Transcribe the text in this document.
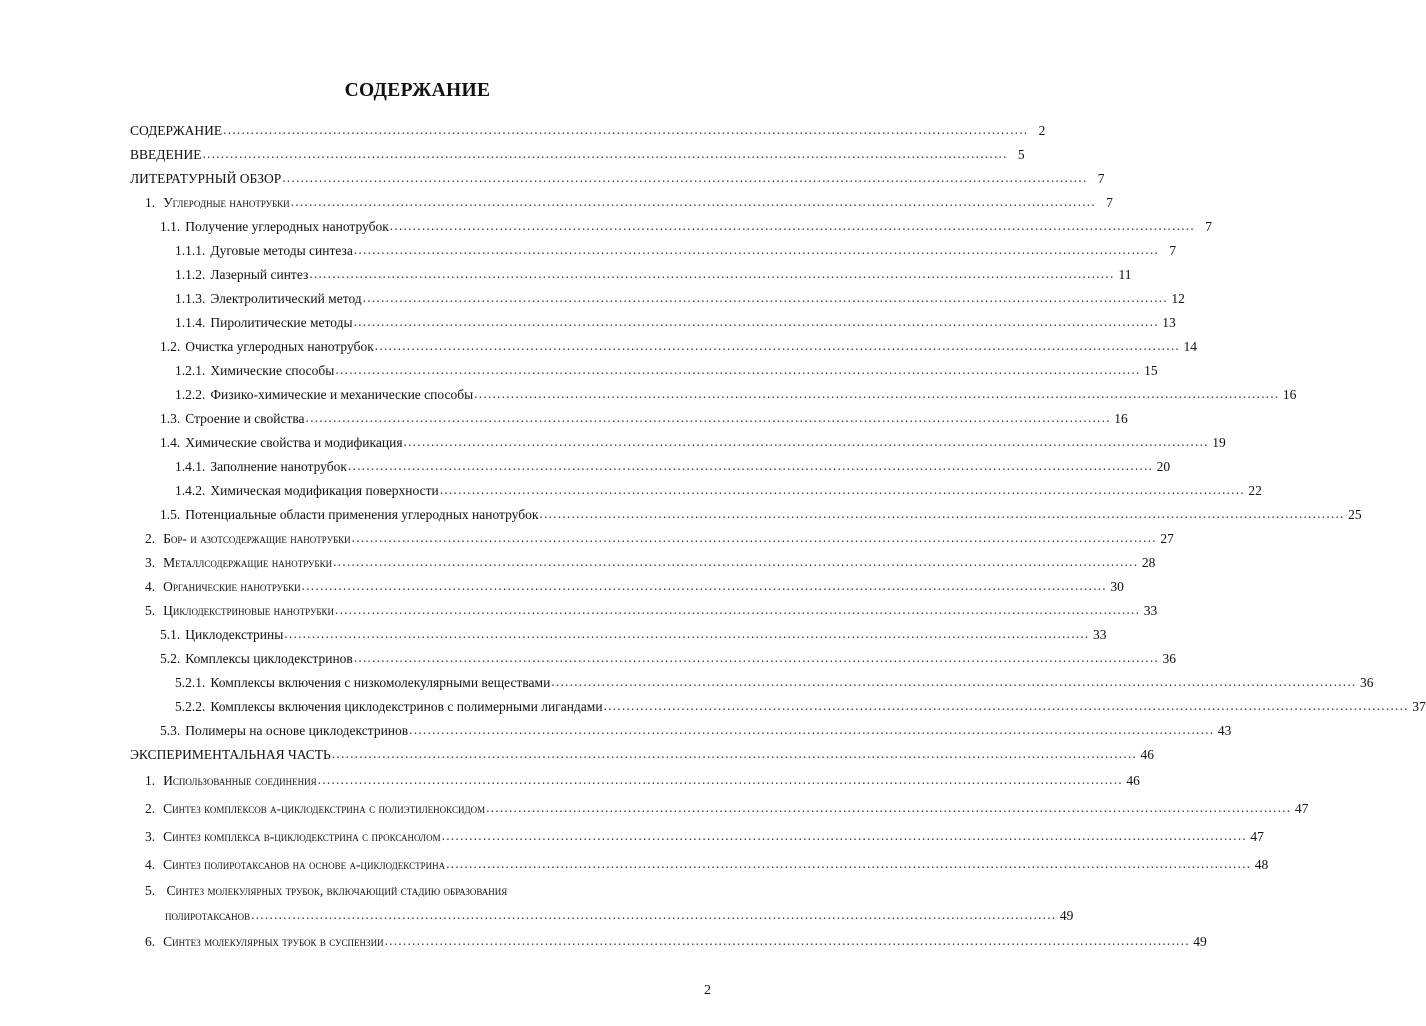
СОДЕРЖАНИЕ
СОДЕРЖАНИЕ ................................................................................................................................................................................ 2
ВВЕДЕНИЕ ................................................................................................................................................................................ 5
ЛИТЕРАТУРНЫЙ ОБЗОР ................................................................................................................................................................................ 7
1. Углеродные нанотрубки ................................................................................................................................................................................ 7
1.1. Получение углеродных нанотрубок ................................................................................................................................................................................ 7
1.1.1. Дуговые методы синтеза ................................................................................................................................................................................ 7
1.1.2. Лазерный синтез ................................................................................................................................................................................ 11
1.1.3. Электролитический метод ................................................................................................................................................................................ 12
1.1.4. Пиролитические методы ................................................................................................................................................................................ 13
1.2. Очистка углеродных нанотрубок ................................................................................................................................................................................ 14
1.2.1. Химические способы ................................................................................................................................................................................ 15
1.2.2. Физико-химические и механические способы ................................................................................................................................................................................ 16
1.3. Строение и свойства ................................................................................................................................................................................ 16
1.4. Химические свойства и модификация ................................................................................................................................................................................ 19
1.4.1. Заполнение нанотрубок ................................................................................................................................................................................ 20
1.4.2. Химическая модификация поверхности ................................................................................................................................................................................ 22
1.5. Потенциальные области применения углеродных нанотрубок ................................................................................................................................................................................ 25
2. Бор- и азотсодержащие нанотрубки ................................................................................................................................................................................ 27
3. Металлсодержащие нанотрубки ................................................................................................................................................................................ 28
4. Органические нанотрубки ................................................................................................................................................................................ 30
5. Циклодекстриновые нанотрубки ................................................................................................................................................................................ 33
5.1. Циклодекстрины ................................................................................................................................................................................ 33
5.2. Комплексы циклодекстринов ................................................................................................................................................................................ 36
5.2.1. Комплексы включения с низкомолекулярными веществами ................................................................................................................................................................................ 36
5.2.2. Комплексы включения циклодекстринов с полимерными лигандами ................................................................................................................................................................................ 37
5.3. Полимеры на основе циклодекстринов ................................................................................................................................................................................ 43
ЭКСПЕРИМЕНТАЛЬНАЯ ЧАСТЬ ................................................................................................................................................................................ 46
1. Использованные соединения ................................................................................................................................................................................ 46
2. Синтез комплексов α-циклодекстрина с полиэтиленоксидом ................................................................................................................................................................................ 47
3. Синтез комплекса β-циклодекстрина с проксанолом ................................................................................................................................................................................ 47
4. Синтез полиротаксанов на основе α-циклодекстрина ................................................................................................................................................................................ 48
5. Синтез молекулярных трубок, включающий стадию образования
полиротаксанов ................................................................................................................................................................................ 49
6. Синтез молекулярных трубок в суспензии ................................................................................................................................................................................ 49
2
